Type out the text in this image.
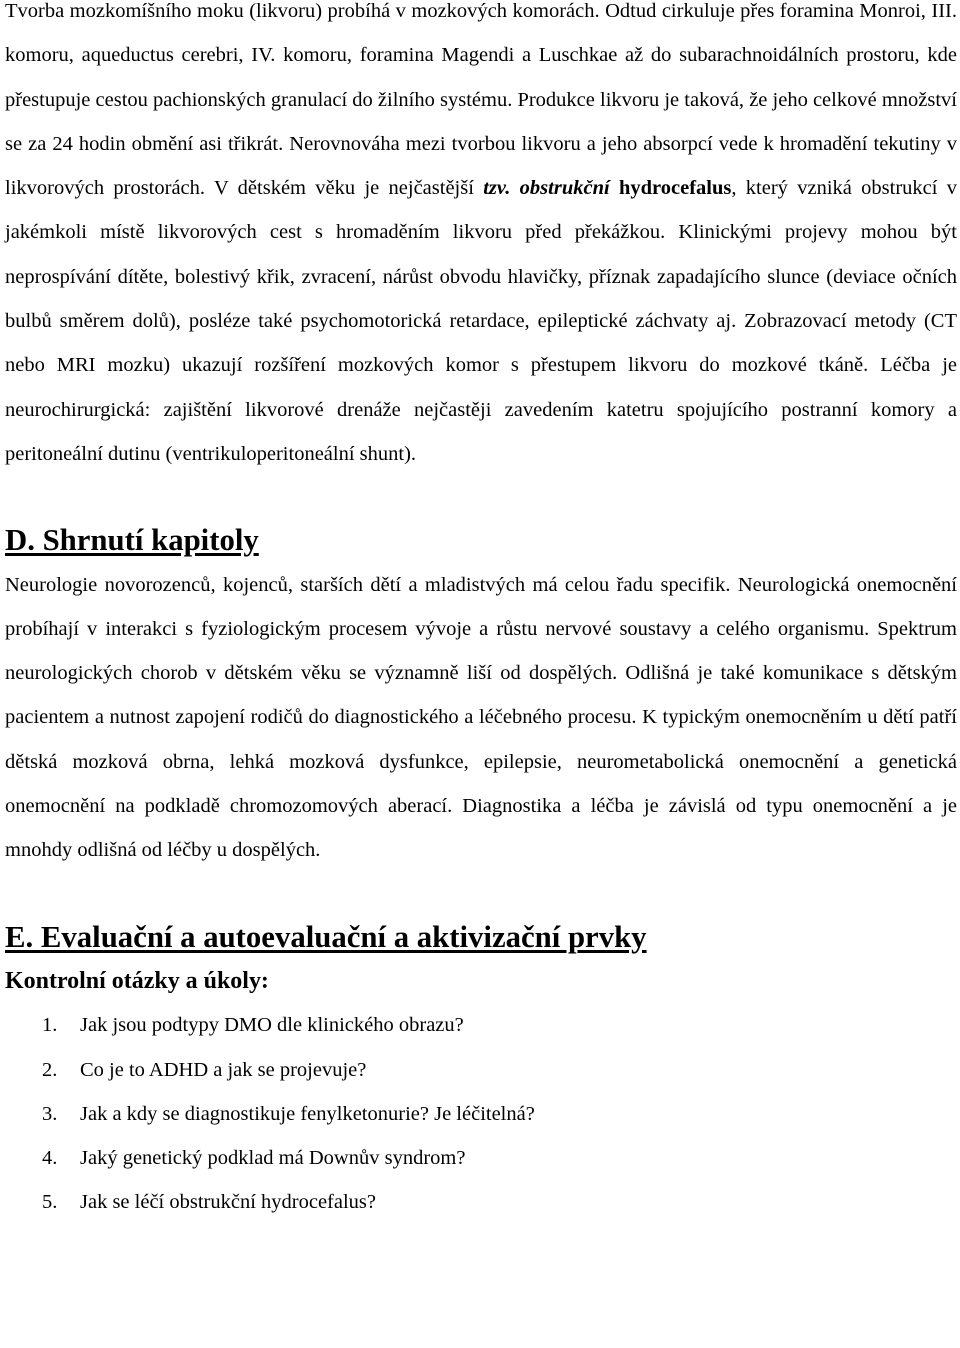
Tvorba mozkomíšního moku (likvoru) probíhá v mozkových komorách. Odtud cirkuluje přes foramina Monroi, III. komoru, aqueductus cerebri, IV. komoru, foramina Magendi a Luschkae až do subarachnoidálních prostoru, kde přestupuje cestou pachionských granulací do žilního systému. Produkce likvoru je taková, že jeho celkové množství se za 24 hodin obmění asi třikrát. Nerovnováha mezi tvorbou likvoru a jeho absorpcí vede k hromadění tekutiny v likvorových prostorách. V dětském věku je nejčastější tzv. obstrukční hydrocefalus, který vzniká obstrukcí v jakémkoli místě likvorových cest s hromaděním likvoru před překážkou. Klinickými projevy mohou být neprospívání dítěte, bolestivý křik, zvracení, nárůst obvodu hlavičky, příznak zapadajícího slunce (deviace očních bulbů směrem dolů), posléze také psychomotorická retardace, epileptické záchvaty aj. Zobrazovací metody (CT nebo MRI mozku) ukazují rozšíření mozkových komor s přestupem likvoru do mozkové tkáně. Léčba je neurochirurgická: zajištění likvorové drenáže nejčastěji zavedením katetru spojujícího postranní komory a peritoneální dutinu (ventrikuloperitoneální shunt).

D. Shrnutí kapitoly

Neurologie novorozenců, kojenců, starších dětí a mladistvých má celou řadu specifik. Neurologická onemocnění probíhají v interakci s fyziologickým procesem vývoje a růstu nervové soustavy a celého organismu. Spektrum neurologických chorob v dětském věku se významně liší od dospělých. Odlišná je také komunikace s dětským pacientem a nutnost zapojení rodičů do diagnostického a léčebného procesu. K typickým onemocněním u dětí patří dětská mozková obrna, lehká mozková dysfunkce, epilepsie, neurometabolická onemocnění a genetická onemocnění na podkladě chromozomových aberací. Diagnostika a léčba je závislá od typu onemocnění a je mnohdy odlišná od léčby u dospělých.

E. Evaluační a autoevaluační a aktivizační prvky
Kontrolní otázky a úkoly:
1.	Jak jsou podtypy DMO dle klinického obrazu?
2.	Co je to ADHD a jak se projevuje?
3.	Jak a kdy se diagnostikuje fenylketonurie? Je léčitelná?
4.	Jaký genetický podklad má Downův syndrom?
5.	Jak se léčí obstrukční hydrocefalus?
